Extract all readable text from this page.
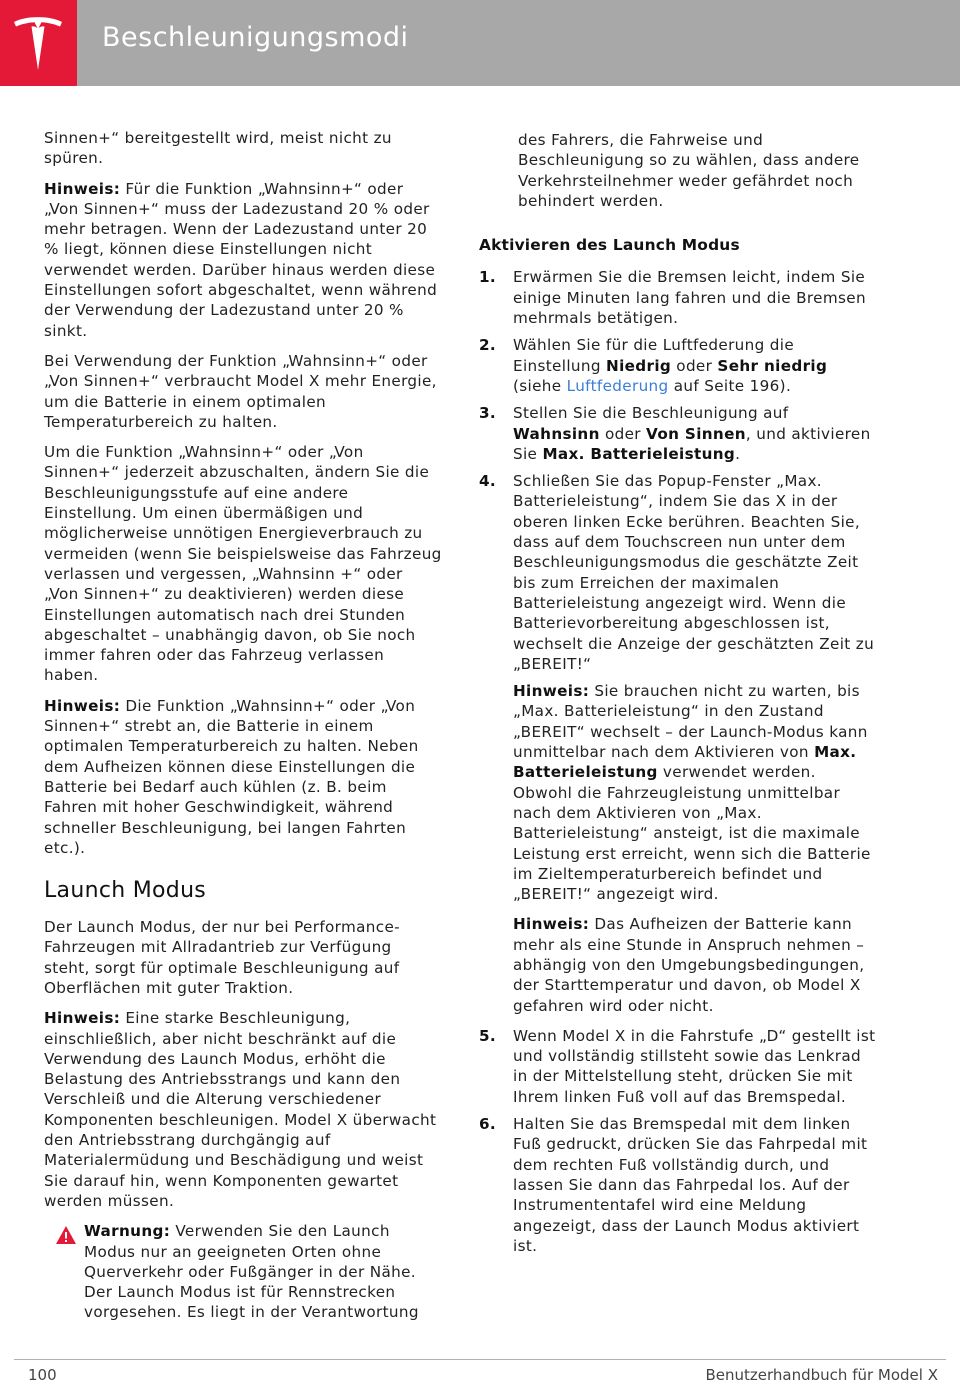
Beschleunigungsmodi

Sinnen+“ bereitgestellt wird, meist nicht zu spüren.

Hinweis: Für die Funktion „Wahnsinn+“ oder „Von Sinnen+“ muss der Ladezustand 20 % oder mehr betragen. Wenn der Ladezustand unter 20 % liegt, können diese Einstellungen nicht verwendet werden. Darüber hinaus werden diese Einstellungen sofort abgeschaltet, wenn während der Verwendung der Ladezustand unter 20 % sinkt.

Bei Verwendung der Funktion „Wahnsinn+“ oder „Von Sinnen+“ verbraucht Model X mehr Energie, um die Batterie in einem optimalen Temperaturbereich zu halten.

Um die Funktion „Wahnsinn+“ oder „Von Sinnen+“ jederzeit abzuschalten, ändern Sie die Beschleunigungsstufe auf eine andere Einstellung. Um einen übermäßigen und möglicherweise unnötigen Energieverbrauch zu vermeiden (wenn Sie beispielsweise das Fahrzeug verlassen und vergessen, „Wahnsinn +“ oder „Von Sinnen+“ zu deaktivieren) werden diese Einstellungen automatisch nach drei Stunden abgeschaltet – unabhängig davon, ob Sie noch immer fahren oder das Fahrzeug verlassen haben.

Hinweis: Die Funktion „Wahnsinn+“ oder „Von Sinnen+“ strebt an, die Batterie in einem optimalen Temperaturbereich zu halten. Neben dem Aufheizen können diese Einstellungen die Batterie bei Bedarf auch kühlen (z. B. beim Fahren mit hoher Geschwindigkeit, während schneller Beschleunigung, bei langen Fahrten etc.).

Launch Modus

Der Launch Modus, der nur bei Performance-Fahrzeugen mit Allradantrieb zur Verfügung steht, sorgt für optimale Beschleunigung auf Oberflächen mit guter Traktion.

Hinweis: Eine starke Beschleunigung, einschließlich, aber nicht beschränkt auf die Verwendung des Launch Modus, erhöht die Belastung des Antriebsstrangs und kann den Verschleiß und die Alterung verschiedener Komponenten beschleunigen. Model X überwacht den Antriebsstrang durchgängig auf Materialermüdung und Beschädigung und weist Sie darauf hin, wenn Komponenten gewartet werden müssen.

Warnung: Verwenden Sie den Launch Modus nur an geeigneten Orten ohne Querverkehr oder Fußgänger in der Nähe. Der Launch Modus ist für Rennstrecken vorgesehen. Es liegt in der Verantwortung

des Fahrers, die Fahrweise und Beschleunigung so zu wählen, dass andere Verkehrsteilnehmer weder gefährdet noch behindert werden.

Aktivieren des Launch Modus
1. Erwärmen Sie die Bremsen leicht, indem Sie einige Minuten lang fahren und die Bremsen mehrmals betätigen.
2. Wählen Sie für die Luftfederung die Einstellung Niedrig oder Sehr niedrig (siehe Luftfederung auf Seite 196).
3. Stellen Sie die Beschleunigung auf Wahnsinn oder Von Sinnen, und aktivieren Sie Max. Batterieleistung.
4. Schließen Sie das Popup-Fenster „Max. Batterieleistung“, indem Sie das X in der oberen linken Ecke berühren. Beachten Sie, dass auf dem Touchscreen nun unter dem Beschleunigungsmodus die geschätzte Zeit bis zum Erreichen der maximalen Batterieleistung angezeigt wird. Wenn die Batterievorbereitung abgeschlossen ist, wechselt die Anzeige der geschätzten Zeit zu „BEREIT!“

Hinweis: Sie brauchen nicht zu warten, bis „Max. Batterieleistung“ in den Zustand „BEREIT“ wechselt – der Launch-Modus kann unmittelbar nach dem Aktivieren von Max. Batterieleistung verwendet werden. Obwohl die Fahrzeugleistung unmittelbar nach dem Aktivieren von „Max. Batterieleistung“ ansteigt, ist die maximale Leistung erst erreicht, wenn sich die Batterie im Zieltemperaturbereich befindet und „BEREIT!“ angezeigt wird.

Hinweis: Das Aufheizen der Batterie kann mehr als eine Stunde in Anspruch nehmen – abhängig von den Umgebungsbedingungen, der Starttemperatur und davon, ob Model X gefahren wird oder nicht.

5. Wenn Model X in die Fahrstufe „D“ gestellt ist und vollständig stillsteht sowie das Lenkrad in der Mittelstellung steht, drücken Sie mit Ihrem linken Fuß voll auf das Bremspedal.
6. Halten Sie das Bremspedal mit dem linken Fuß gedruckt, drücken Sie das Fahrpedal mit dem rechten Fuß vollständig durch, und lassen Sie dann das Fahrpedal los. Auf der Instrumententafel wird eine Meldung angezeigt, dass der Launch Modus aktiviert ist.
100	Benutzerhandbuch für Model X
